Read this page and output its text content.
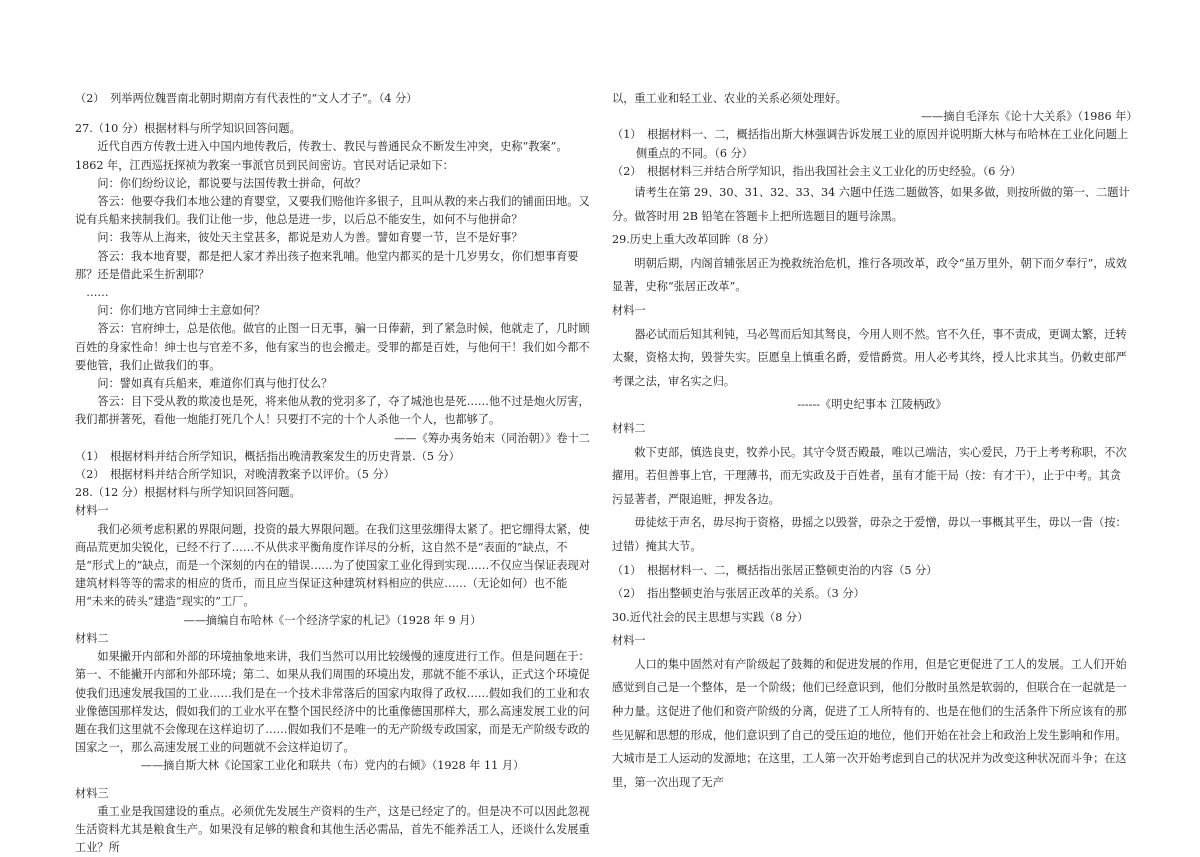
（2）　列举两位魏晋南北朝时期南方有代表性的“文人才子”。（4 分）

27.（10 分）根据材料与所学知识回答问题。

近代自西方传教士进入中国内地传教后，传教士、教民与普通民众不断发生冲突，史称“教案”。1862 年，江西巡抚探祯为教案一事派官员到民间密访。官民对话记录如下：

问：你们纷纷议论，都说要与法国传教士拼命，何故？

答云：他要夺我们本地公建的育婴堂，又要我们赔他许多银子，且叫从教的来占我们的铺面田地。又说有兵船来挟制我们。我们让他一步，他总是进一步，以后总不能安生，如何不与他拼命？

问：我等从上海来，彼处天主堂甚多，都说是劝人为善。譬如育婴一节，岂不是好事？

答云：我本地育婴，都是把人家才养出孩子抱来乳哺。他堂内都买的是十几岁男女，你们想事育要那？还是借此采生折割耶？

　……

问：你们地方官同绅士主意如何？

答云：官府绅士，总是依他。做官的止图一日无事，骗一日俸薪，到了紧急时候，他就走了，几时顾百姓的身家性命！绅士也与官差不多，他有家当的也会搬走。受罪的都是百姓，与他何干！我们如今都不要他管，我们止做我们的事。

问：譬如真有兵船来，难道你们真与他打仗么？

答云：目下受从教的欺凌也是死，将来他从教的党羽多了，夺了城池也是死……他不过是炮火厉害，我们都拼著死，看他一炮能打死几个人！只要打不完的十个人杀他一个人，也都够了。

——《筹办夷务始末（同治朝）》卷十二　　　　　

（1）　根据材料并结合所学知识，概括指出晚清教案发生的历史背景.（5 分）

（2）　根据材料并结合所学知识，对晚清教案予以评价。（5 分）

28.（12 分）根据材料与所学知识回答问题。

材料一

我们必须考虑积累的界限问题，投资的最大界限问题。在我们这里弦绷得太紧了。把它绷得太紧，使商品荒更加尖锐化，已经不行了……不从供求平衡角度作详尽的分析，这自然不是“表面的”缺点，不是“形式上的”缺点，而是一个深刻的内在的错误……为了使国家工业化得到实现……不仅应当保证表现对建筑材料等等的需求的相应的货币，而且应当保证这种建筑材料相应的供应……（无论如何）也不能用“未来的砖头”建造“现实的”工厂。

——摘编自布哈林《一个经济学家的札记》（1928 年 9 月）

材料二

如果撇开内部和外部的环境抽象地来讲，我们当然可以用比较缓慢的速度进行工作。但是问题在于：第一、不能撇开内部和外部环境；第二、如果从我们周围的环境出发，那就不能不承认，正式这个环境促使我们迅速发展我国的工业……我们是在一个技术非常落后的国家内取得了政权……假如我们的工业和农业像德国那样发达，假如我们的工业水平在整个国民经济中的比重像德国那样大，那么高速发展工业的问题在我们这里就不会像现在这样迫切了……假如我们不是唯一的无产阶级专政国家，而是无产阶级专政的国家之一，那么高速发展工业的问题就不会这样迫切了。

——摘自斯大林《论国家工业化和联共（布）党内的右倾》（1928 年 11 月）

材料三

重工业是我国建设的重点。必须优先发展生产资料的生产，这是已经定了的。但是决不可以因此忽视生活资料尤其是粮食生产。如果没有足够的粮食和其他生活必需品，首先不能养活工人，还谈什么发展重工业？所

以，重工业和轻工业、农业的关系必须处理好。

——摘自毛泽东《论十大关系》（1986 年）　　

（1）　根据材料一、二，概括指出斯大林强调告诉发展工业的原因并说明斯大林与布哈林在工业化问题上侧重点的不同。（6 分）

（2）　根据材料三并结合所学知识，指出我国社会主义工业化的历史经验。（6 分）

请考生在第 29、30、31、32、33、34 六题中任选二题做答，如果多做，则按所做的第一、二题计分。做答时用 2B 铅笔在答题卡上把所选题目的题号涂黑。

29.历史上重大改革回眸（8 分）

明朝后期，内阁首辅张居正为挽救统治危机，推行各项改革，政令“虽万里外，朝下而夕奉行”，成效显著，史称“张居正改革”。

材料一

器必试而后知其利钝，马必驾而后知其驽良，今用人则不然。官不久任，事不责成，更调太繁，迁转太聚，资格太拘，毁誉失实。臣愿皇上慎重名爵，爱惜爵赏。用人必考其终，授人比求其当。仍敕吏部严考课之法，审名实之归。

------《明史纪事本 江陵柄政》

材料二

敕下吏部，慎选良吏，牧养小民。其守令贤否殿最，唯以己端洁，实心爱民，乃于上考考称职，不次擢用。若但善事上官，干理薄书，而无实政及于百姓者，虽有才能干局（按：有才干），止于中考。其贪污显著者，严限追赃，押发各边。

毋徒炫于声名，毋尽拘于资格，毋摇之以毁誉，毋杂之于爱憎，毋以一事概其平生，毋以一眚（按：过错）掩其大节。

（1）　根据材料一、二，概括指出张居正整顿吏治的内容（5 分）

（2）　指出整顿吏治与张居正改革的关系。（3 分）

30.近代社会的民主思想与实践（8 分）

材料一

人口的集中固然对有产阶级起了鼓舞的和促进发展的作用，但是它更促进了工人的发展。工人们开始感觉到自己是一个整体，是一个阶级；他们已经意识到，他们分散时虽然是软弱的，但联合在一起就是一种力量。这促进了他们和资产阶级的分离，促进了工人所特有的、也是在他们的生活条件下所应该有的那些见解和思想的形成，他们意识到了自己的受压迫的地位，他们开始在社会上和政治上发生影响和作用。大城市是工人运动的发源地；在这里，工人第一次开始考虑到自己的状况并为改变这种状况而斗争；在这里，第一次出现了无产
